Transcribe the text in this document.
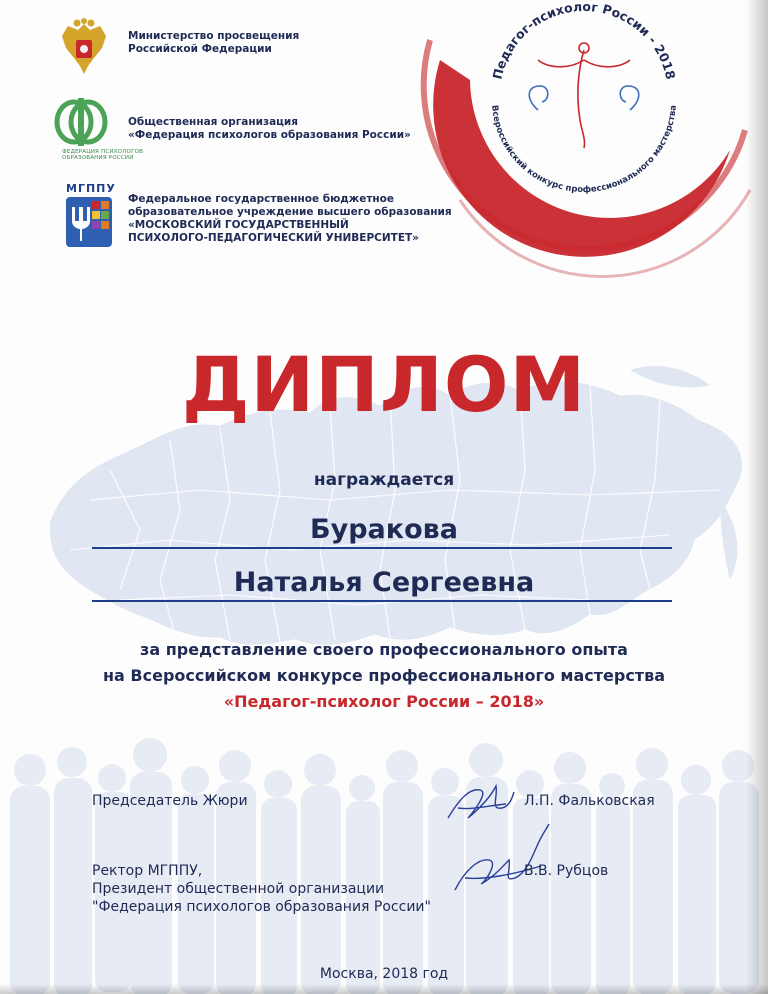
Министерство просвещения
Российской Федерации
ФЕДЕРАЦИЯ ПСИХОЛОГОВ
ОБРАЗОВАНИЯ РОССИИ
Общественная организация
«Федерация психологов образования России»
МГППУ
Федеральное государственное бюджетное
образовательное учреждение высшего образования
«МОСКОВСКИЙ ГОСУДАРСТВЕННЫЙ
ПСИХОЛОГО-ПЕДАГОГИЧЕСКИЙ УНИВЕРСИТЕТ»
Педагог-психолог России - 2018
Всероссийский конкурс профессионального мастерства
ДИПЛОМ
награждается
Буракова
Наталья Сергеевна
за представление своего профессионального опыта
на Всероссийском конкурсе профессионального мастерства
«Педагог-психолог России – 2018»
Председатель Жюри	Л.П. Фальковская
Ректор МГППУ,
Президент общественной организации
"Федерация психологов образования России"
В.В. Рубцов
Москва, 2018 год
